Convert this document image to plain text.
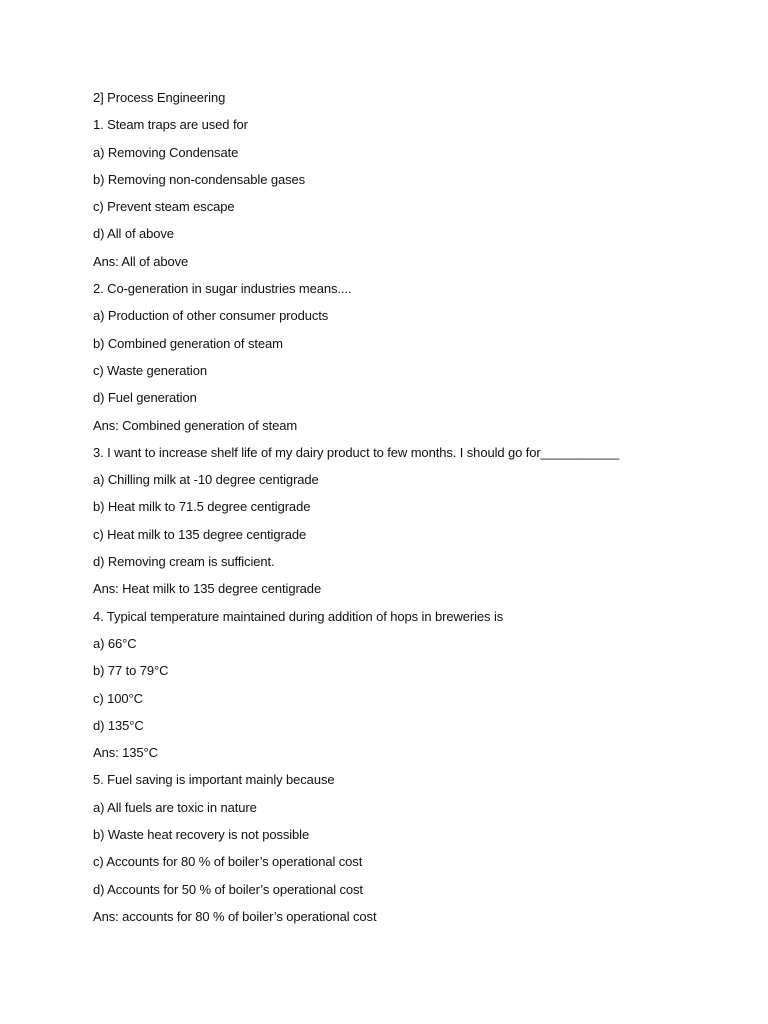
2] Process Engineering
1. Steam traps are used for
a) Removing Condensate
b) Removing non-condensable gases
c) Prevent steam escape
d) All of above
Ans: All of above
2. Co-generation in sugar industries means....
a) Production of other consumer products
b) Combined generation of steam
c) Waste generation
d) Fuel generation
Ans: Combined generation of steam
3. I want to increase shelf life of my dairy product to few months. I should go for___________
a) Chilling milk at -10 degree centigrade
b) Heat milk to 71.5 degree centigrade
c) Heat milk to 135 degree centigrade
d) Removing cream is sufficient.
Ans: Heat milk to 135 degree centigrade
4. Typical temperature maintained during addition of hops in breweries is
a) 66°C
b) 77 to 79°C
c) 100°C
d) 135°C
Ans: 135°C
5. Fuel saving is important mainly because
a) All fuels are toxic in nature
b) Waste heat recovery is not possible
c) Accounts for 80 % of boiler’s operational cost
d) Accounts for 50 % of boiler’s operational cost
Ans: accounts for 80 % of boiler’s operational cost
